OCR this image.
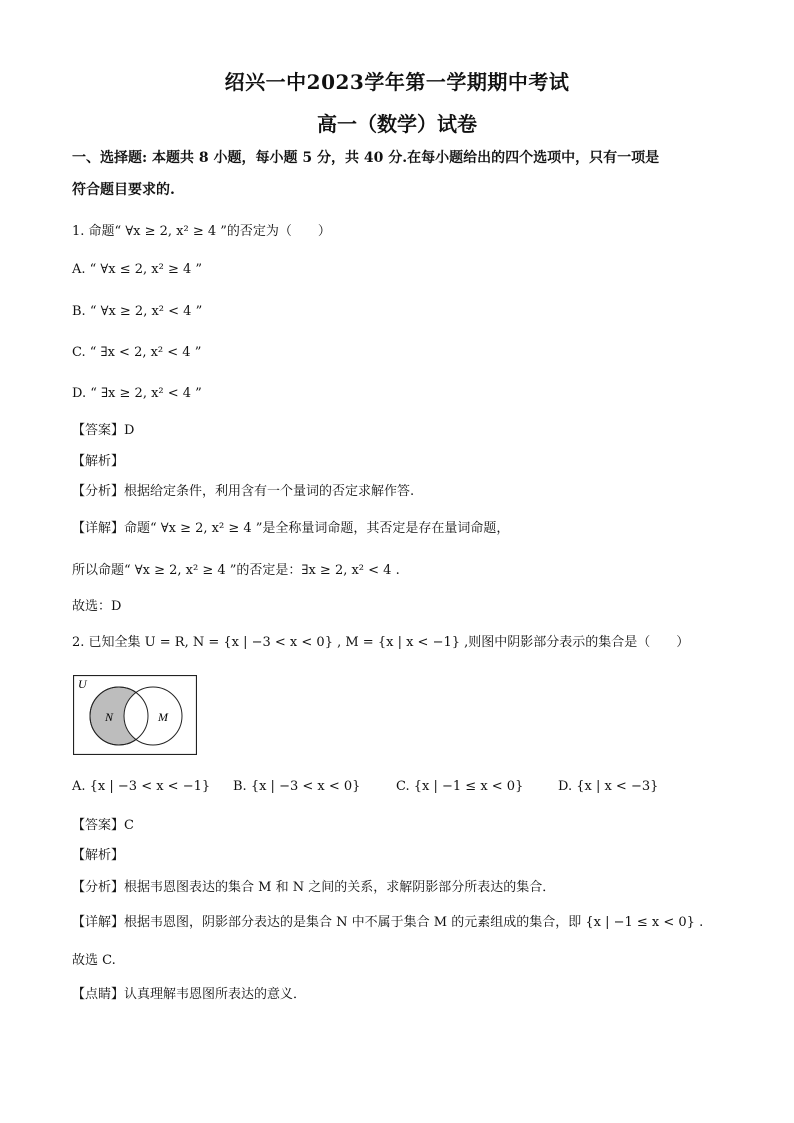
绍兴一中2023学年第一学期期中考试
高一（数学）试卷
一、选择题: 本题共 8 小题，每小题 5 分，共 40 分.在每小题给出的四个选项中，只有一项是
符合题目要求的.
1. 命题“ ∀x ≥ 2, x² ≥ 4 ”的否定为（　　）
A. “ ∀x ≤ 2, x² ≥ 4 ”
B. “ ∀x ≥ 2, x² < 4 ”
C. “ ∃x < 2, x² < 4 ”
D. “ ∃x ≥ 2, x² < 4 ”
【答案】D
【解析】
【分析】根据给定条件，利用含有一个量词的否定求解作答.
【详解】命题“ ∀x ≥ 2, x² ≥ 4 ”是全称量词命题，其否定是存在量词命题，
所以命题“ ∀x ≥ 2, x² ≥ 4 ”的否定是：∃x ≥ 2, x² < 4 .
故选：D
2. 已知全集 U = R, N = {x | −3 < x < 0} , M = {x | x < −1} ,则图中阴影部分表示的集合是（　　）
U
N	M
A. {x | −3 < x < −1} B. {x | −3 < x < 0}	C. {x | −1 ≤ x < 0}	D. {x | x < −3}
【答案】C
【解析】
【分析】根据韦恩图表达的集合 M 和 N 之间的关系，求解阴影部分所表达的集合．
【详解】根据韦恩图，阴影部分表达的是集合 N 中不属于集合 M 的元素组成的集合，即 {x | −1 ≤ x < 0} .
故选 C.
【点睛】认真理解韦恩图所表达的意义．
